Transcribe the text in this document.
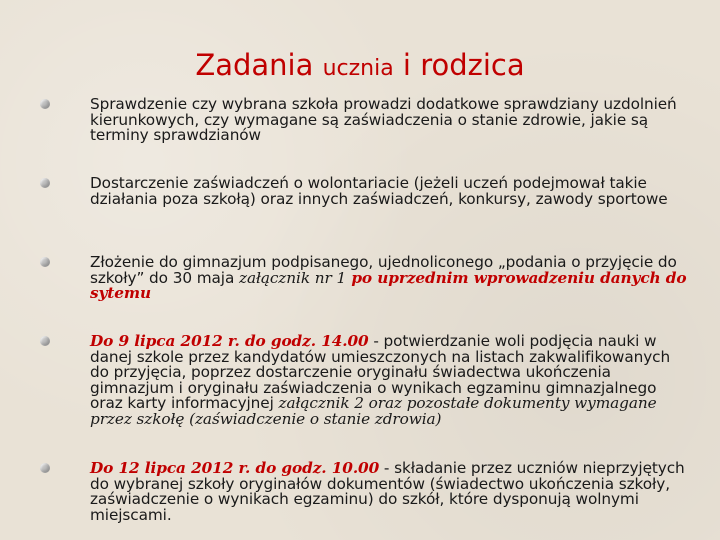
Zadania ucznia i rodzica
Sprawdzenie czy wybrana szkoła prowadzi dodatkowe sprawdziany uzdolnień kierunkowych, czy wymagane są zaświadczenia o stanie zdrowie, jakie są terminy sprawdzianów
Dostarczenie zaświadczeń o wolontariacie (jeżeli uczeń podejmował takie działania poza szkołą) oraz innych zaświadczeń, konkursy, zawody sportowe
Złożenie do gimnazjum podpisanego, ujednoliconego „podania o przyjęcie do szkoły” do 30 maja załącznik nr 1 po uprzednim wprowadzeniu danych do sytemu
Do 9 lipca 2012 r. do godz. 14.00 - potwierdzanie woli podjęcia nauki w danej szkole przez kandydatów umieszczonych na listach zakwalifikowanych do przyjęcia, poprzez dostarczenie oryginału świadectwa ukończenia gimnazjum i oryginału zaświadczenia o wynikach egzaminu gimnazjalnego oraz karty informacyjnej załącznik 2 oraz pozostałe dokumenty wymagane przez szkołę (zaświadczenie o stanie zdrowia)
Do 12 lipca 2012 r. do godz. 10.00 - składanie przez uczniów nieprzyjętych do wybranej szkoły oryginałów dokumentów (świadectwo ukończenia szkoły, zaświadczenie o wynikach egzaminu) do szkół, które dysponują wolnymi miejscami.
